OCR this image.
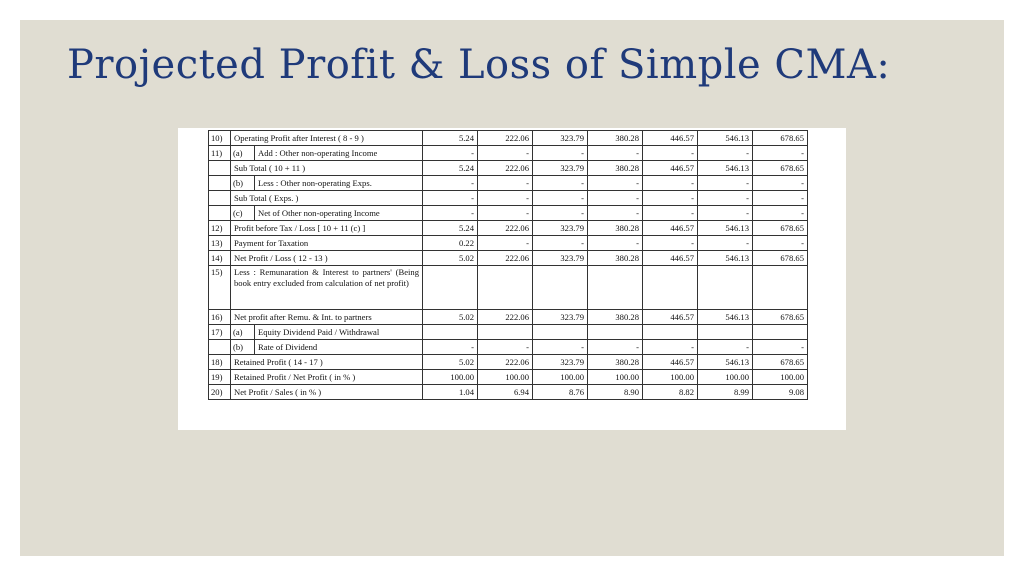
Projected Profit & Loss of Simple CMA:
10)	Operating Profit after Interest ( 8 - 9 )		5.24	222.06	323.79	380.28	446.57	546.13	678.65
11)	(a)	Add : Other non-operating Income	-	-	-	-	-	-	-
	Sub Total ( 10 + 11 )		5.24	222.06	323.79	380.28	446.57	546.13	678.65
	(b)	Less : Other non-operating Exps.	-	-	-	-	-	-	-
	Sub Total ( Exps. )		-	-	-	-	-	-	-
	(c)	Net of Other non-operating Income	-	-	-	-	-	-	-
12)	Profit before Tax / Loss [ 10 + 11 (c) ]		5.24	222.06	323.79	380.28	446.57	546.13	678.65
13)	Payment for Taxation		0.22	-	-	-	-	-	-
14)	Net Profit / Loss ( 12 - 13 )		5.02	222.06	323.79	380.28	446.57	546.13	678.65
15)	Less : Remunaration & Interest to partners' (Being book entry excluded from calculation of net profit)								
16)	Net profit after Remu. & Int. to partners		5.02	222.06	323.79	380.28	446.57	546.13	678.65
17)	(a)	Equity Dividend Paid / Withdrawal							
	(b)	Rate of Dividend	-	-	-	-	-	-	-
18)	Retained Profit ( 14 - 17 )		5.02	222.06	323.79	380.28	446.57	546.13	678.65
19)	Retained Profit / Net Profit ( in % )		100.00	100.00	100.00	100.00	100.00	100.00	100.00
20)	Net Profit / Sales ( in % )		1.04	6.94	8.76	8.90	8.82	8.99	9.08
